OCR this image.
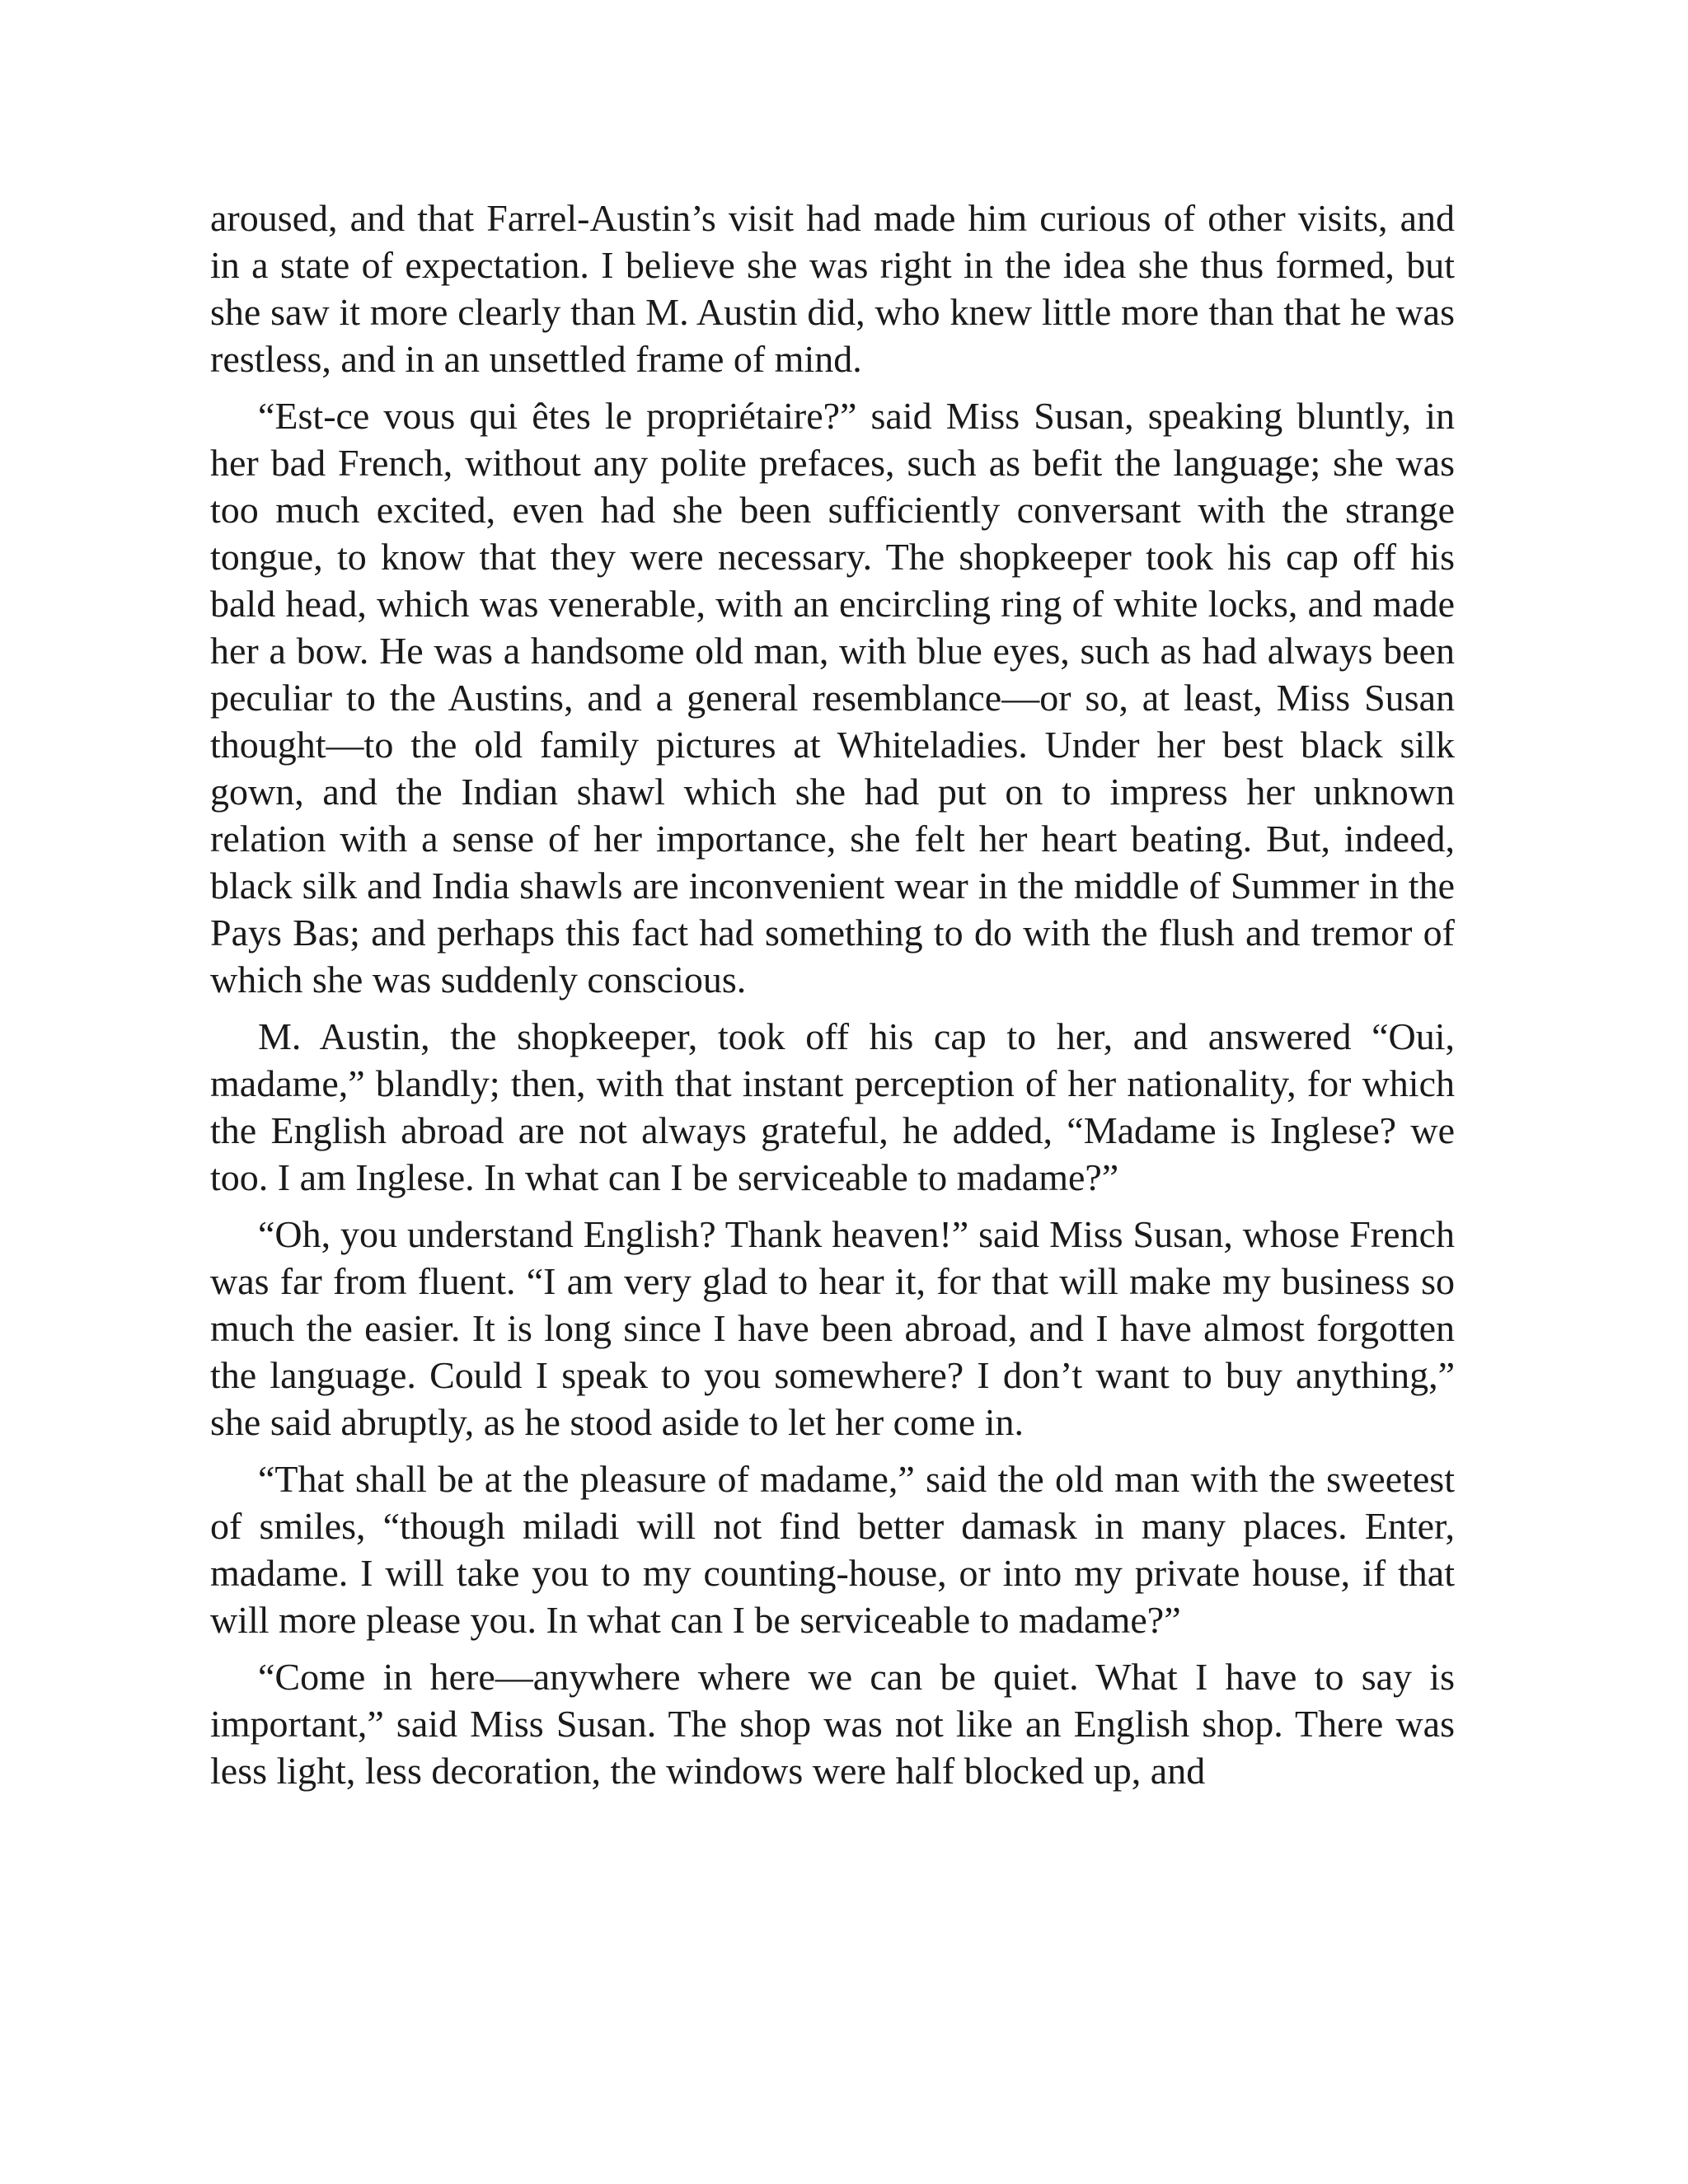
aroused, and that Farrel-Austin’s visit had made him curious of other visits, and in a state of expectation. I believe she was right in the idea she thus formed, but she saw it more clearly than M. Austin did, who knew little more than that he was restless, and in an unsettled frame of mind.

“Est-ce vous qui êtes le propriétaire?” said Miss Susan, speaking bluntly, in her bad French, without any polite prefaces, such as befit the language; she was too much excited, even had she been sufficiently conversant with the strange tongue, to know that they were necessary. The shopkeeper took his cap off his bald head, which was venerable, with an encircling ring of white locks, and made her a bow. He was a handsome old man, with blue eyes, such as had always been peculiar to the Austins, and a general resemblance—or so, at least, Miss Susan thought—to the old family pictures at Whiteladies. Under her best black silk gown, and the Indian shawl which she had put on to impress her unknown relation with a sense of her importance, she felt her heart beating. But, indeed, black silk and India shawls are inconvenient wear in the middle of Summer in the Pays Bas; and perhaps this fact had something to do with the flush and tremor of which she was suddenly conscious.

M. Austin, the shopkeeper, took off his cap to her, and answered “Oui, madame,” blandly; then, with that instant perception of her nationality, for which the English abroad are not always grateful, he added, “Madame is Inglese? we too. I am Inglese. In what can I be serviceable to madame?”

“Oh, you understand English? Thank heaven!” said Miss Susan, whose French was far from fluent. “I am very glad to hear it, for that will make my business so much the easier. It is long since I have been abroad, and I have almost forgotten the language. Could I speak to you somewhere? I don’t want to buy anything,” she said abruptly, as he stood aside to let her come in.

“That shall be at the pleasure of madame,” said the old man with the sweetest of smiles, “though miladi will not find better damask in many places. Enter, madame. I will take you to my counting-house, or into my private house, if that will more please you. In what can I be serviceable to madame?”

“Come in here—anywhere where we can be quiet. What I have to say is important,” said Miss Susan. The shop was not like an English shop. There was less light, less decoration, the windows were half blocked up, and
